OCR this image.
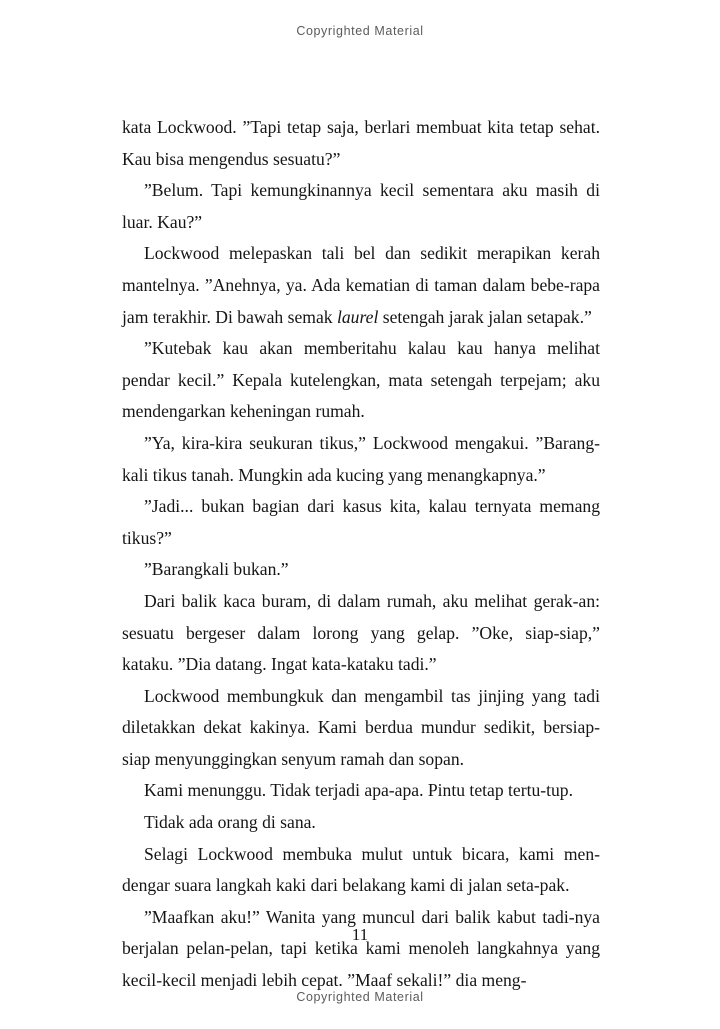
Copyrighted Material

kata Lockwood. ”Tapi tetap saja, berlari membuat kita tetap sehat. Kau bisa mengendus sesuatu?”

”Belum. Tapi kemungkinannya kecil sementara aku masih di luar. Kau?”

Lockwood melepaskan tali bel dan sedikit merapikan kerah mantelnya. ”Anehnya, ya. Ada kematian di taman dalam bebe-rapa jam terakhir. Di bawah semak laurel setengah jarak jalan setapak.”

”Kutebak kau akan memberitahu kalau kau hanya melihat pendar kecil.” Kepala kutelengkan, mata setengah terpejam; aku mendengarkan keheningan rumah.

”Ya, kira-kira seukuran tikus,” Lockwood mengakui. ”Barang-kali tikus tanah. Mungkin ada kucing yang menangkapnya.”

”Jadi... bukan bagian dari kasus kita, kalau ternyata memang tikus?”

”Barangkali bukan.”

Dari balik kaca buram, di dalam rumah, aku melihat gerak-an: sesuatu bergeser dalam lorong yang gelap. ”Oke, siap-siap,” kataku. ”Dia datang. Ingat kata-kataku tadi.”

Lockwood membungkuk dan mengambil tas jinjing yang tadi diletakkan dekat kakinya. Kami berdua mundur sedikit, bersiap-siap menyunggingkan senyum ramah dan sopan.

Kami menunggu. Tidak terjadi apa-apa. Pintu tetap tertu-tup.

Tidak ada orang di sana.

Selagi Lockwood membuka mulut untuk bicara, kami men-dengar suara langkah kaki dari belakang kami di jalan seta-pak.

”Maafkan aku!” Wanita yang muncul dari balik kabut tadi-nya berjalan pelan-pelan, tapi ketika kami menoleh langkahnya yang kecil-kecil menjadi lebih cepat. ”Maaf sekali!” dia meng-

11
Copyrighted Material
